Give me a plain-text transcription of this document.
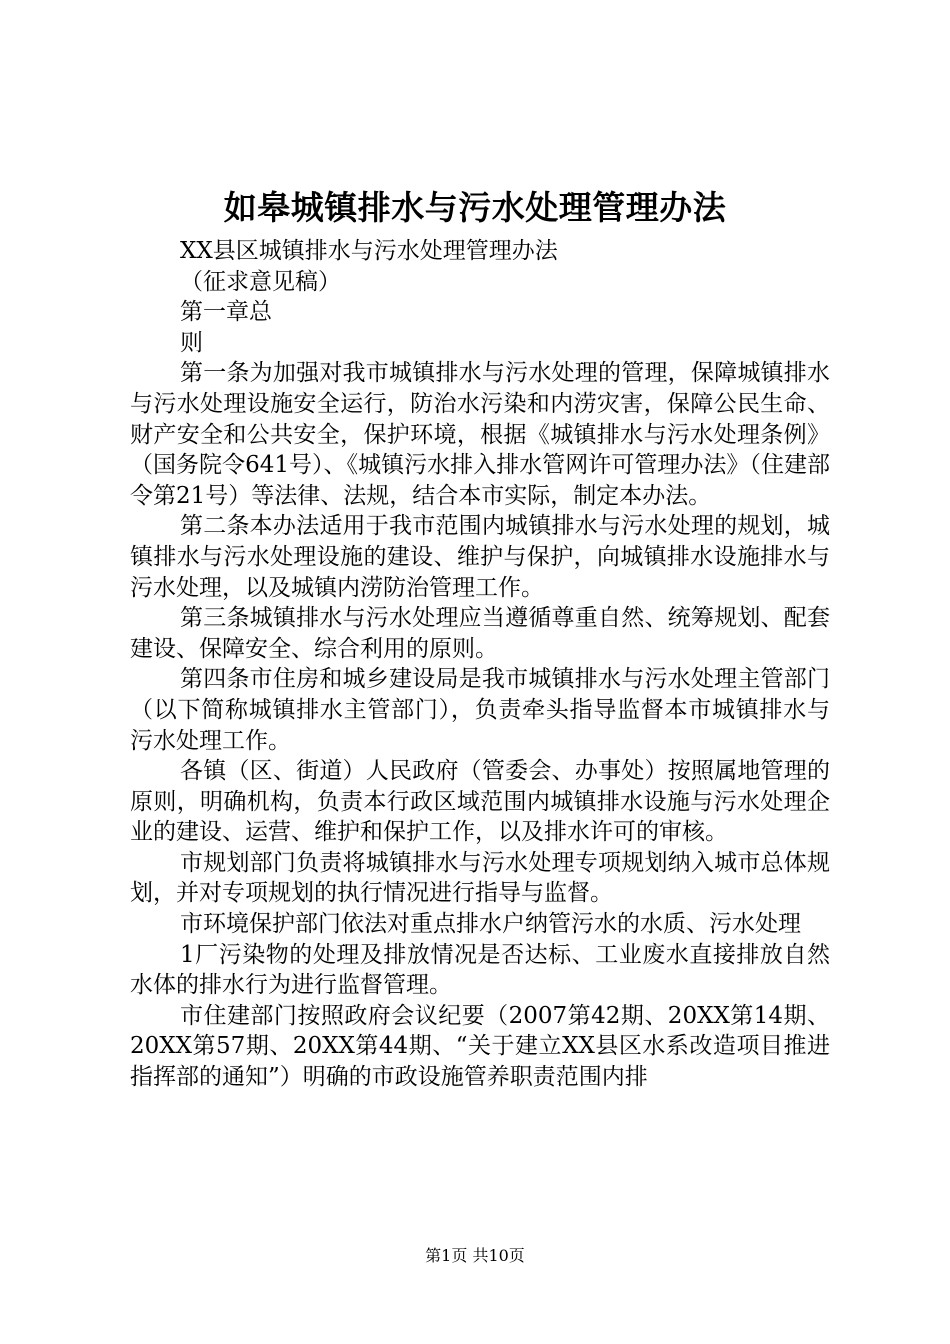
如皋城镇排水与污水处理管理办法

XX县区城镇排水与污水处理管理办法

（征求意见稿）

第一章总

则

第一条为加强对我市城镇排水与污水处理的管理，保障城镇排水与污水处理设施安全运行，防治水污染和内涝灾害，保障公民生命、财产安全和公共安全，保护环境，根据《城镇排水与污水处理条例》（国务院令641号）、《城镇污水排入排水管网许可管理办法》（住建部令第21号）等法律、法规，结合本市实际，制定本办法。

第二条本办法适用于我市范围内城镇排水与污水处理的规划，城镇排水与污水处理设施的建设、维护与保护，向城镇排水设施排水与污水处理，以及城镇内涝防治管理工作。

第三条城镇排水与污水处理应当遵循尊重自然、统筹规划、配套建设、保障安全、综合利用的原则。

第四条市住房和城乡建设局是我市城镇排水与污水处理主管部门（以下简称城镇排水主管部门），负责牵头指导监督本市城镇排水与污水处理工作。

各镇（区、街道）人民政府（管委会、办事处）按照属地管理的原则，明确机构，负责本行政区域范围内城镇排水设施与污水处理企业的建设、运营、维护和保护工作，以及排水许可的审核。

市规划部门负责将城镇排水与污水处理专项规划纳入城市总体规划，并对专项规划的执行情况进行指导与监督。

市环境保护部门依法对重点排水户纳管污水的水质、污水处理

1厂污染物的处理及排放情况是否达标、工业废水直接排放自然水体的排水行为进行监督管理。

市住建部门按照政府会议纪要（2007第42期、20XX第14期、20XX第57期、20XX第44期、“关于建立XX县区水系改造项目推进指挥部的通知”）明确的市政设施管养职责范围内排

第1页 共10页
